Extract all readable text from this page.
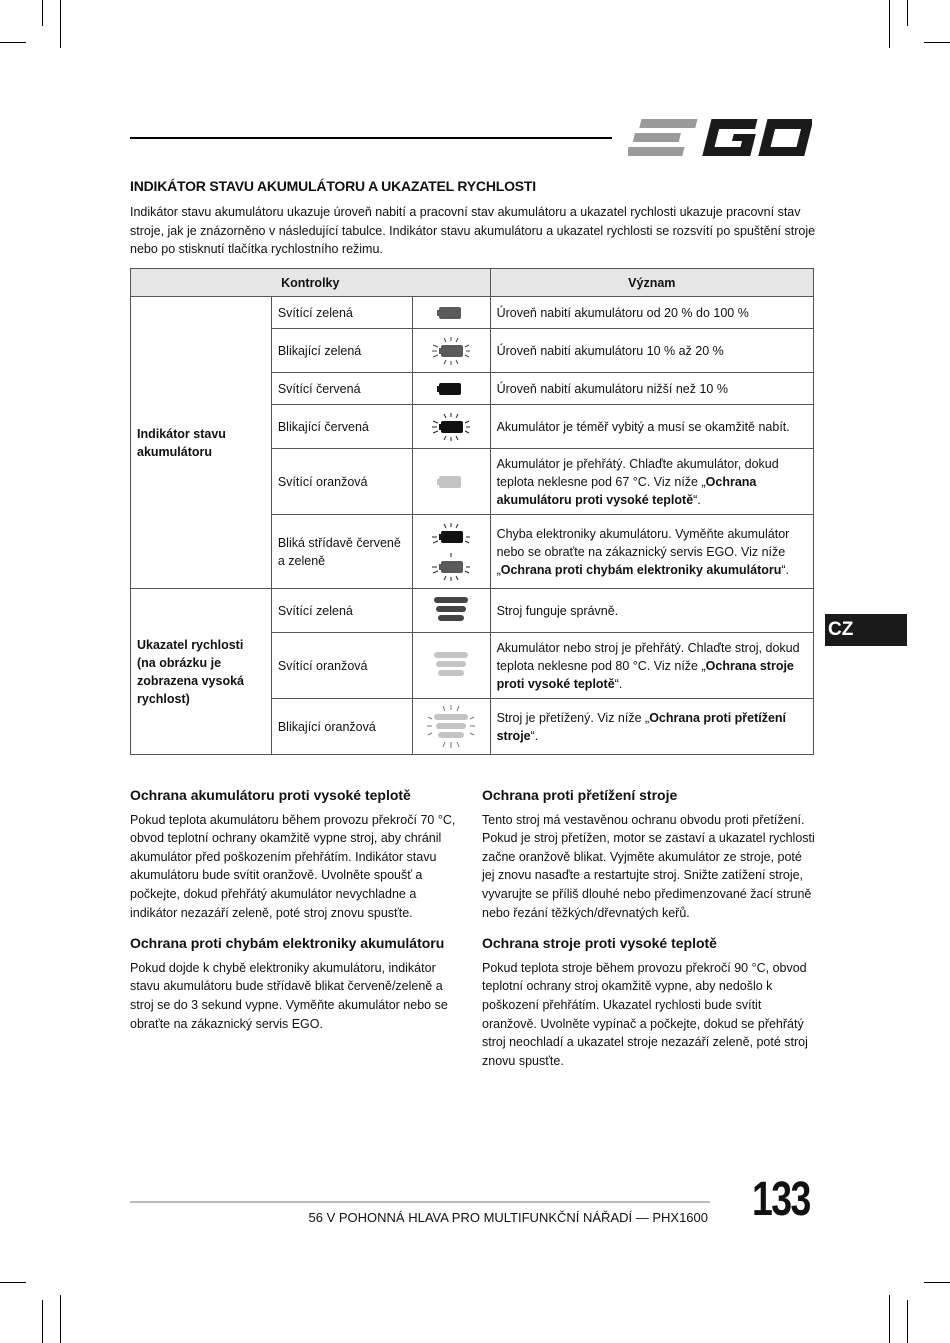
INDIKÁTOR STAVU AKUMULÁTORU A UKAZATEL RYCHLOSTI
Indikátor stavu akumulátoru ukazuje úroveň nabití a pracovní stav akumulátoru a ukazatel rychlosti ukazuje pracovní stav stroje, jak je znázorněno v následující tabulce. Indikátor stavu akumulátoru a ukazatel rychlosti se rozsvítí po spuštění stroje nebo po stisknutí tlačítka rychlostního režimu.
Kontrolky			Význam
Indikátor stavu akumulátoru	Svítící zelená		Úroveň nabití akumulátoru od 20 % do 100 %
	Blikající zelená		Úroveň nabití akumulátoru 10 % až 20 %
	Svítící červená		Úroveň nabití akumulátoru nižší než 10 %
	Blikající červená		Akumulátor je téměř vybitý a musí se okamžitě nabít.
	Svítící oranžová		Akumulátor je přehřátý. Chlaďte akumulátor, dokud teplota neklesne pod 67 °C. Viz níže „Ochrana akumulátoru proti vysoké teplotě“.
	Bliká střídavě červeně a zeleně		Chyba elektroniky akumulátoru. Vyměňte akumulátor nebo se obraťte na zákaznický servis EGO. Viz níže „Ochrana proti chybám elektroniky akumulátoru“.
Ukazatel rychlosti (na obrázku je zobrazena vysoká rychlost)	Svítící zelená		Stroj funguje správně.
	Svítící oranžová		Akumulátor nebo stroj je přehřátý. Chlaďte stroj, dokud teplota neklesne pod 80 °C. Viz níže „Ochrana stroje proti vysoké teplotě“.
	Blikající oranžová		Stroj je přetížený. Viz níže „Ochrana proti přetížení stroje“.
CZ
Ochrana akumulátoru proti vysoké teplotě

Pokud teplota akumulátoru během provozu překročí 70 °C, obvod teplotní ochrany okamžitě vypne stroj, aby chránil akumulátor před poškozením přehřátím. Indikátor stavu akumulátoru bude svítit oranžově. Uvolněte spoušť a počkejte, dokud přehřátý akumulátor nevychladne a indikátor nezazáří zeleně, poté stroj znovu spusťte.

Ochrana proti chybám elektroniky akumulátoru

Pokud dojde k chybě elektroniky akumulátoru, indikátor stavu akumulátoru bude střídavě blikat červeně/zeleně a stroj se do 3 sekund vypne. Vyměňte akumulátor nebo se obraťte na zákaznický servis EGO.

Ochrana proti přetížení stroje

Tento stroj má vestavěnou ochranu obvodu proti přetížení. Pokud je stroj přetížen, motor se zastaví a ukazatel rychlosti začne oranžově blikat. Vyjměte akumulátor ze stroje, poté jej znovu nasaďte a restartujte stroj. Snižte zatížení stroje, vyvarujte se příliš dlouhé nebo předimenzované žací struně nebo řezání těžkých/dřevnatých keřů.

Ochrana stroje proti vysoké teplotě

Pokud teplota stroje během provozu překročí 90 °C, obvod teplotní ochrany stroj okamžitě vypne, aby nedošlo k poškození přehřátím. Ukazatel rychlosti bude svítit oranžově. Uvolněte vypínač a počkejte, dokud se přehřátý stroj neochladí a ukazatel stroje nezazáří zeleně, poté stroj znovu spusťte.

56 V POHONNÁ HLAVA PRO MULTIFUNKČNÍ NÁŘADÍ — PHX1600 133
